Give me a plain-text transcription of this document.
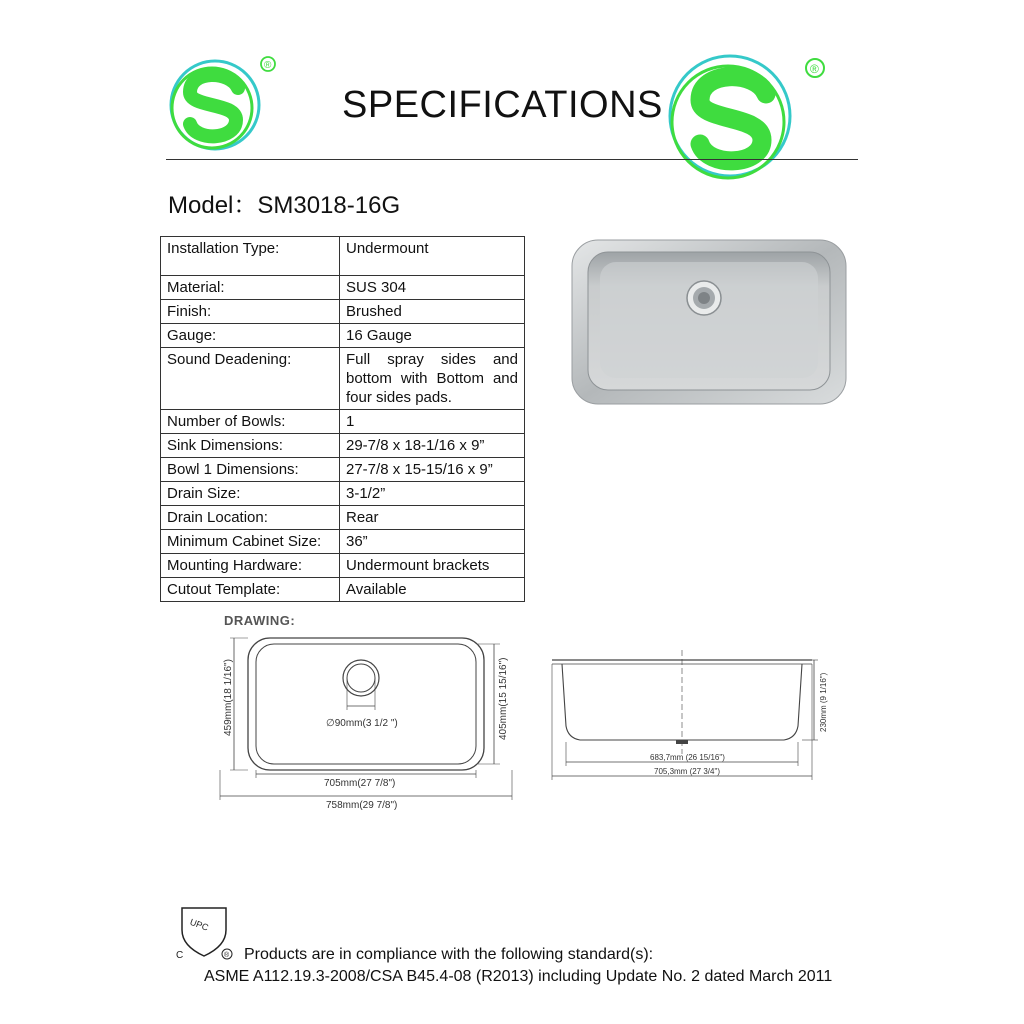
®
SPECIFICATIONS
®
Model：SM3018-16G
Installation Type:	Undermount
Material:	SUS 304
Finish:	Brushed
Gauge:	16 Gauge
Sound Deadening:	Full spray sides and bottom with Bottom and four sides pads.
Number of Bowls:	1
Sink Dimensions:	29-7/8 x 18-1/16 x 9”
Bowl 1 Dimensions:	27-7/8 x 15-15/16 x 9”
Drain Size:	3-1/2”
Drain Location:	Rear
Minimum Cabinet Size:	36”
Mounting Hardware:	Undermount brackets
Cutout Template:	Available
DRAWING:
∅90mm(3 1/2 ")
459mm(18 1/16")	405mm(15 15/16")
705mm(27 7/8")
758mm(29 7/8")
230mm (9 1/16")
683,7mm (26 15/16")
705,3mm (27 3/4")
UPC
C	® Products are in compliance with the following standard(s):
ASME A112.19.3-2008/CSA B45.4-08 (R2013) including Update No. 2 dated March 2011
